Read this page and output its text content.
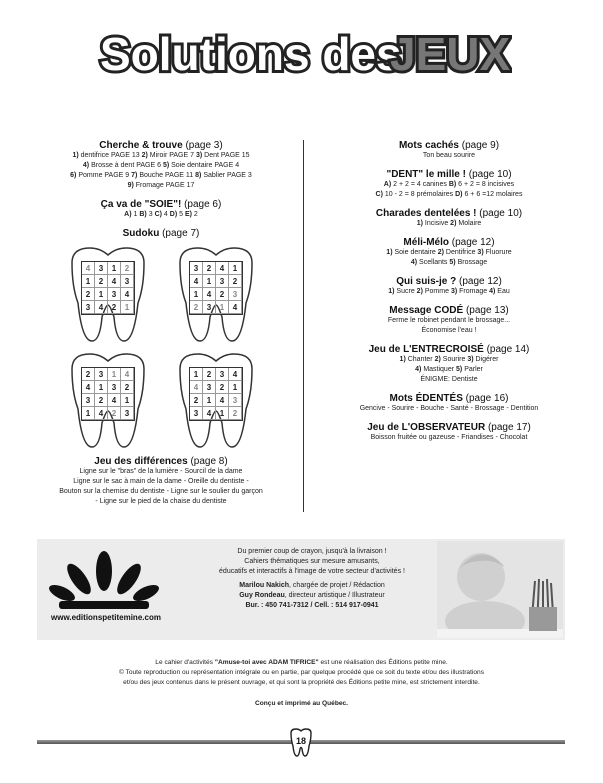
Solutions des
JEUX
Cherche & trouve (page 3)
1) dentifrice PAGE 13 2) Miroir PAGE 7 3) Dent PAGE 15
4) Brosse à dent PAGE 6 5) Soie dentaire PAGE 4
6) Pomme PAGE 9 7) Bouche PAGE 11 8) Sablier PAGE 3
9) Fromage PAGE 17
Ça va de "SOIE"! (page 6)
A) 1 B) 3 C) 4 D) 5 E) 2
Sudoku (page 7)
4	3	1	2
1	2	4	3
2	1	3	4
3	4	2	1
3	2	4	1
4	1	3	2
1	4	2	3
2	3	1	4
2	3	1	4
4	1	3	2
3	2	4	1
1	4	2	3
1	2	3	4
4	3	2	1
2	1	4	3
3	4	1	2
Jeu des différences (page 8)
Ligne sur le "bras" de la lumière - Sourcil de la dame
Ligne sur le sac à main de la dame - Oreille du dentiste -
Bouton sur la chemise du dentiste - Ligne sur le soulier du garçon
- Ligne sur le pied de la chaise du dentiste
Mots cachés (page 9)
Ton beau sourire
"DENT" le mille ! (page 10)
A) 2 + 2 = 4 canines B) 6 + 2 = 8 incisives
C) 10 - 2 = 8 prémolaires D) 6 + 6 =12 molaires
Charades dentelées ! (page 10)
1) Incisive 2) Molaire
Méli-Mélo (page 12)
1) Soie dentaire 2) Dentifrice 3) Fluorure
4) Scellants 5) Brossage
Qui suis-je ? (page 12)
1) Sucre 2) Pomme 3) Fromage 4) Eau
Message CODÉ (page 13)
Ferme le robinet pendant le brossage...
Économise l'eau !
Jeu de L'ENTRECROISÉ (page 14)
1) Chanter 2) Sourire 3) Digérer
4) Mastiquer 5) Parler
ÉNIGME: Dentiste
Mots ÉDENTÉS (page 16)
Gencive - Sourire - Bouche - Santé - Brossage - Dentition
Jeu de L'OBSERVATEUR (page 17)
Boisson fruitée ou gazeuse - Friandises - Chocolat
www.editionspetitemine.com
Du premier coup de crayon, jusqu'à la livraison !
Cahiers thématiques sur mesure amusants,
éducatifs et interactifs à l'image de votre secteur d'activités !
Marilou Nakich, chargée de projet / Rédaction
Guy Rondeau, directeur artistique / Illustrateur
Bur. : 450 741-7312 / Cell. : 514 917-0941
Le cahier d'activités "Amuse-toi avec ADAM TIFRICE" est une réalisation des Éditions petite mine.
© Toute reproduction ou représentation intégrale ou en partie, par quelque procédé que ce soit du texte et/ou des illustrations
et/ou des jeux contenus dans le présent ouvrage, et qui sont la propriété des Éditions petite mine, est strictement interdite.
Conçu et imprimé au Québec.
18
